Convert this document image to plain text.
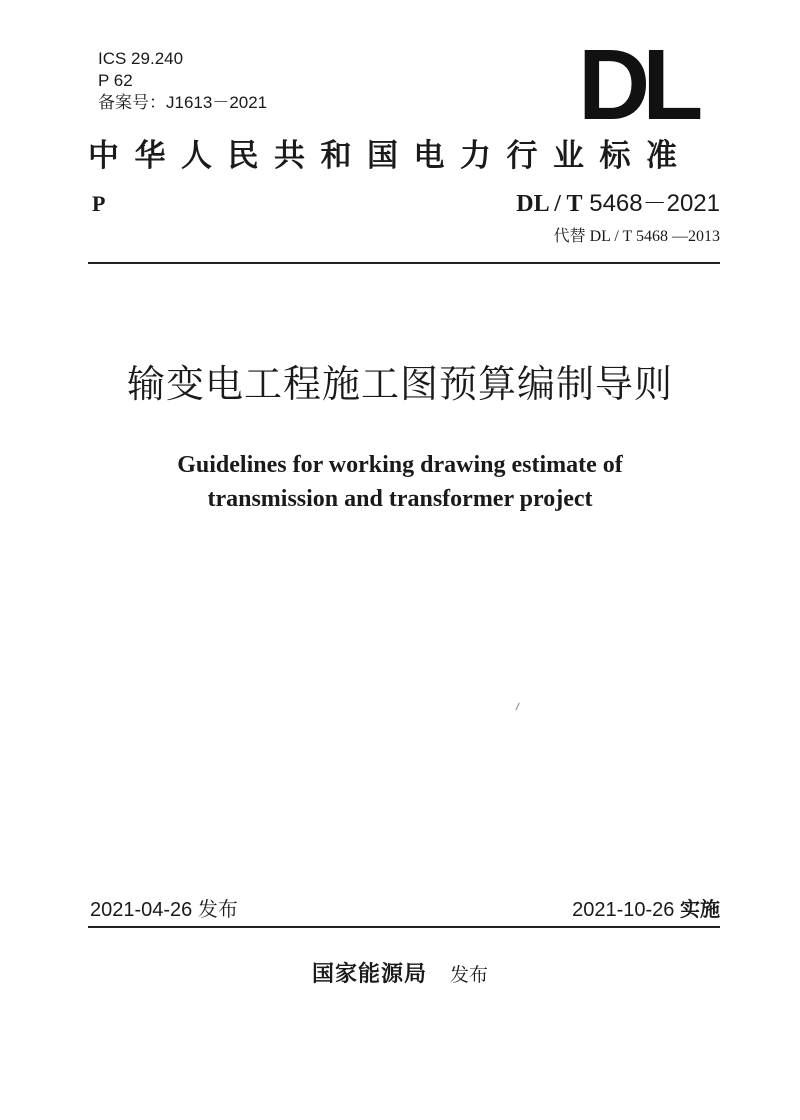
ICS 29.240
P 62
备案号：J1613－2021	DL
中华人民共和国电力行业标准
P	DL / T 5468－2021
代替 DL / T 5468 —2013
输变电工程施工图预算编制导则
Guidelines for working drawing estimate of
transmission and transformer project
2021-04-26 发布	2021-10-26 实施
国家能源局 发布
